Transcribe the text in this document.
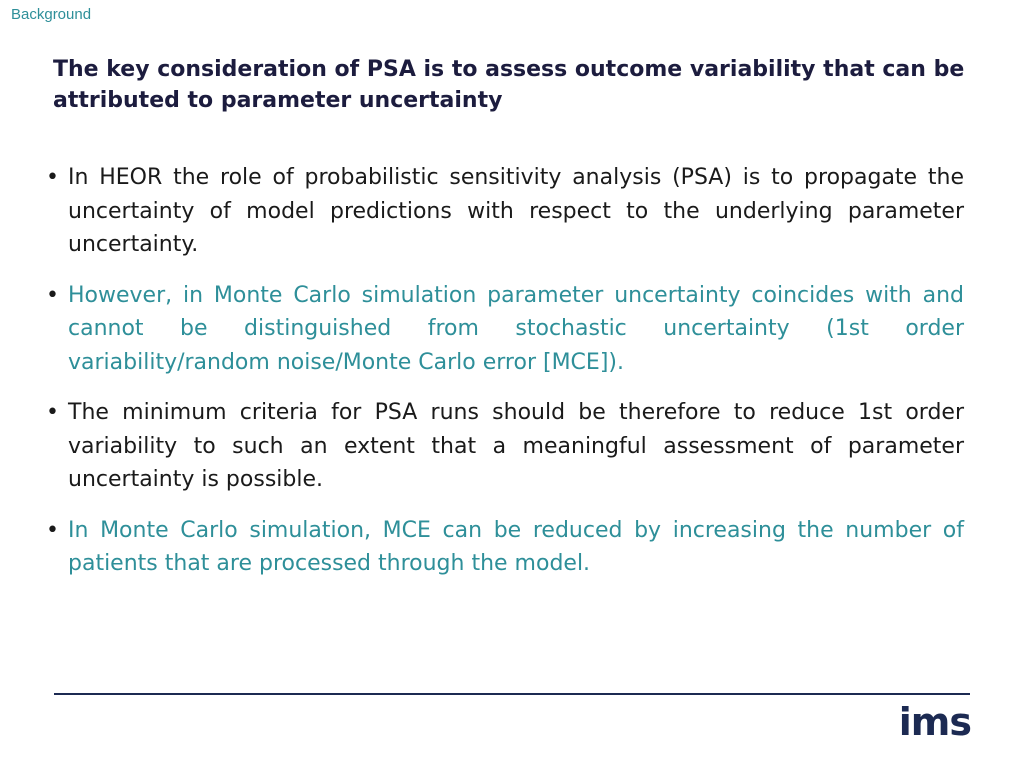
Background
The key consideration of PSA is to assess outcome variability that can be attributed to parameter uncertainty
• In HEOR the role of probabilistic sensitivity analysis (PSA) is to propagate the uncertainty of model predictions with respect to the underlying parameter uncertainty.
• However, in Monte Carlo simulation parameter uncertainty coincides with and cannot be distinguished from stochastic uncertainty (1st order variability/random noise/Monte Carlo error [MCE]).
• The minimum criteria for PSA runs should be therefore to reduce 1st order variability to such an extent that a meaningful assessment of parameter uncertainty is possible.
• In Monte Carlo simulation, MCE can be reduced by increasing the number of patients that are processed through the model.
ims
